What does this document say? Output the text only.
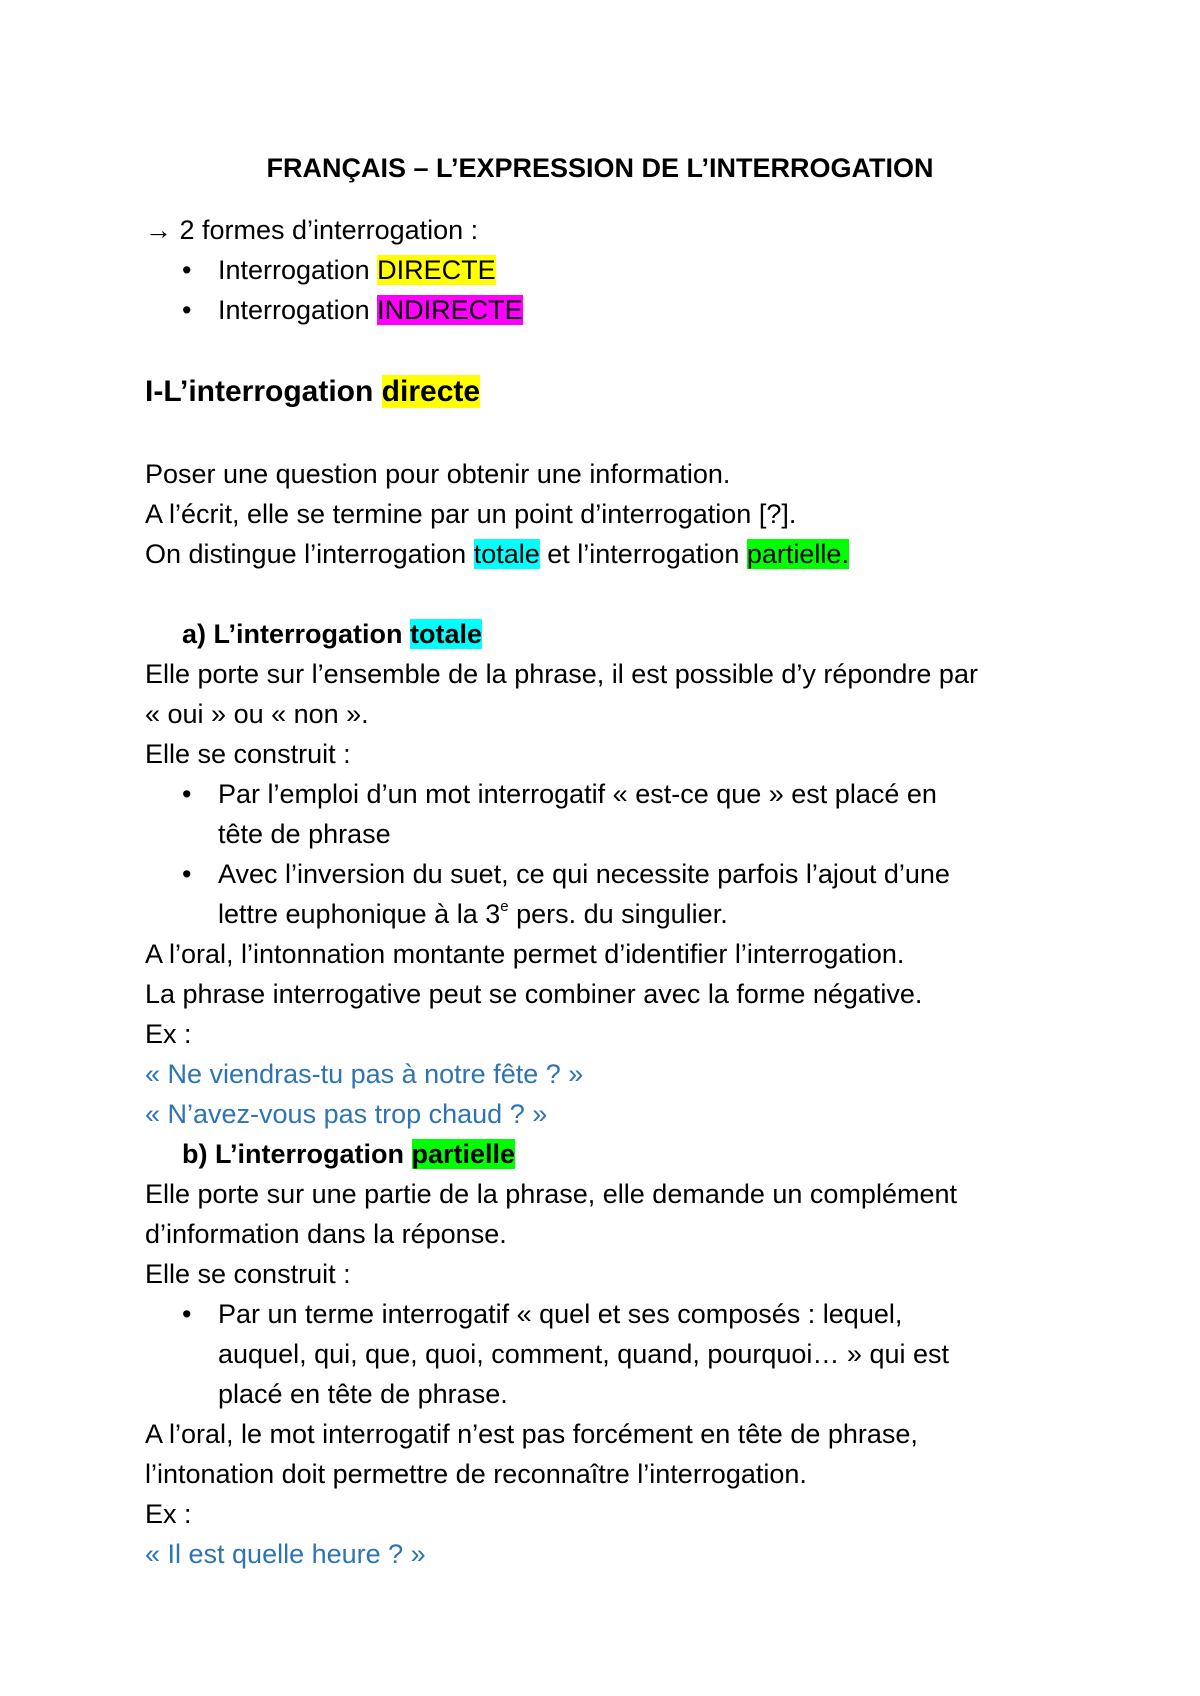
FRANÇAIS – L’EXPRESSION DE L’INTERROGATION
→ 2 formes d’interrogation :
• Interrogation DIRECTE
• Interrogation INDIRECTE
I-L’interrogation directe
Poser une question pour obtenir une information.
A l’écrit, elle se termine par un point d’interrogation [?].
On distingue l’interrogation totale et l’interrogation partielle.
a) L’interrogation totale
Elle porte sur l’ensemble de la phrase, il est possible d’y répondre par
« oui » ou « non ».
Elle se construit :
• Par l’emploi d’un mot interrogatif « est-ce que » est placé en
tête de phrase
• Avec l’inversion du suet, ce qui necessite parfois l’ajout d’une
lettre euphonique à la 3e pers. du singulier.
A l’oral, l’intonnation montante permet d’identifier l’interrogation.
La phrase interrogative peut se combiner avec la forme négative.
Ex :
« Ne viendras-tu pas à notre fête ? »
« N’avez-vous pas trop chaud ? »
b) L’interrogation partielle
Elle porte sur une partie de la phrase, elle demande un complément
d’information dans la réponse.
Elle se construit :
• Par un terme interrogatif « quel et ses composés : lequel,
auquel, qui, que, quoi, comment, quand, pourquoi… » qui est
placé en tête de phrase.
A l’oral, le mot interrogatif n’est pas forcément en tête de phrase,
l’intonation doit permettre de reconnaître l’interrogation.
Ex :
« Il est quelle heure ? »
